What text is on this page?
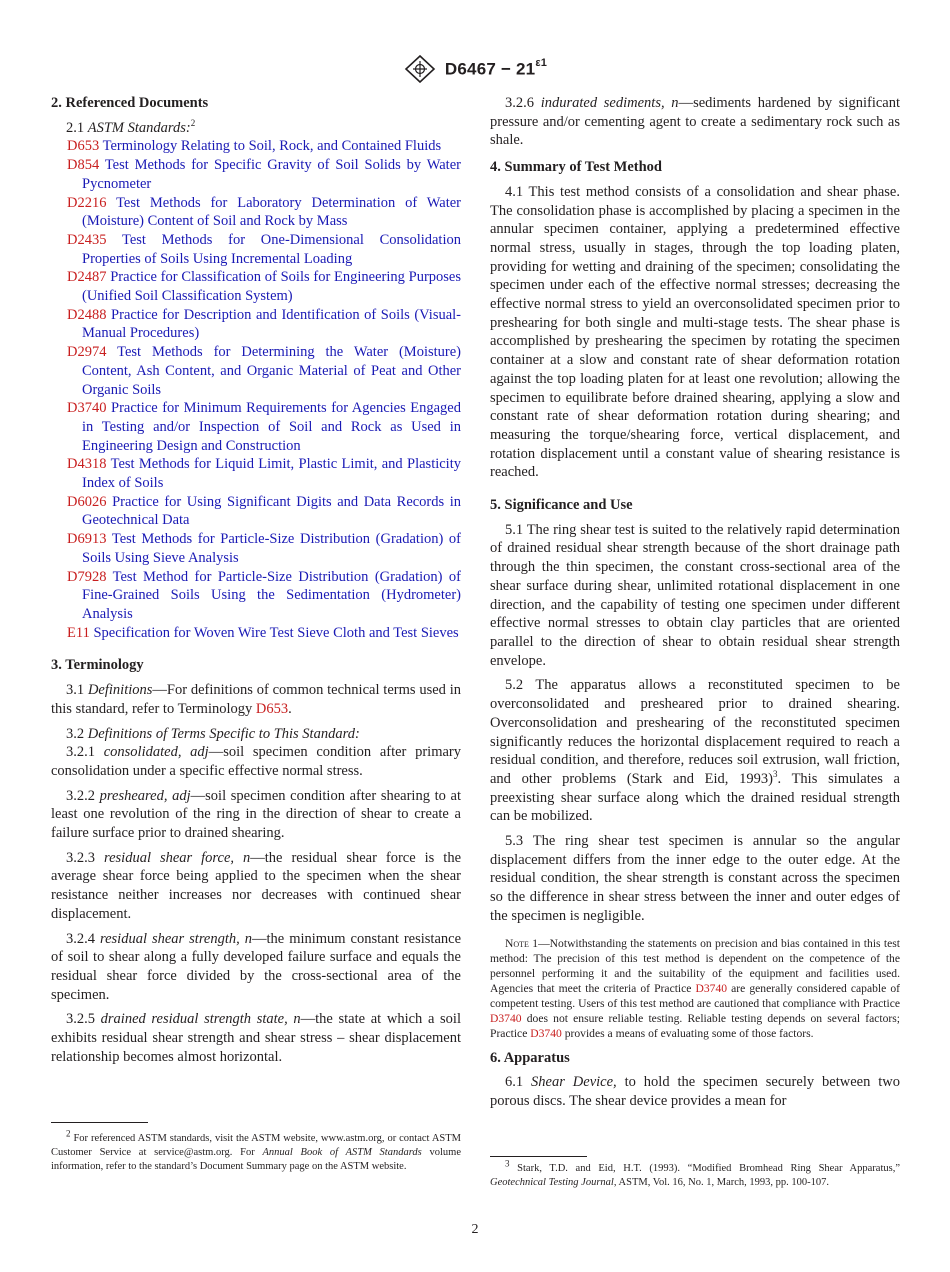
$D6467 - 21^{\varepsilon 1}$
2. Referenced Documents

2.1 ASTM Standards:$^2$

D653 Terminology Relating to Soil, Rock, and Contained Fluids
D854 Test Methods for Specific Gravity of Soil Solids by Water Pycnometer
D2216 Test Methods for Laboratory Determination of Water (Moisture) Content of Soil and Rock by Mass
D2435 Test Methods for One-Dimensional Consolidation Properties of Soils Using Incremental Loading
D2487 Practice for Classification of Soils for Engineering Purposes (Unified Soil Classification System)
D2488 Practice for Description and Identification of Soils (Visual-Manual Procedures)
D2974 Test Methods for Determining the Water (Moisture) Content, Ash Content, and Organic Material of Peat and Other Organic Soils
D3740 Practice for Minimum Requirements for Agencies Engaged in Testing and/or Inspection of Soil and Rock as Used in Engineering Design and Construction
D4318 Test Methods for Liquid Limit, Plastic Limit, and Plasticity Index of Soils
D6026 Practice for Using Significant Digits and Data Records in Geotechnical Data
D6913 Test Methods for Particle-Size Distribution (Gradation) of Soils Using Sieve Analysis
D7928 Test Method for Particle-Size Distribution (Gradation) of Fine-Grained Soils Using the Sedimentation (Hydrometer) Analysis
E11 Specification for Woven Wire Test Sieve Cloth and Test Sieves
3. Terminology

3.1 Definitions—For definitions of common technical terms used in this standard, refer to Terminology D653.

3.2 Definitions of Terms Specific to This Standard:

3.2.1 consolidated, adj—soil specimen condition after primary consolidation under a specific effective normal stress.

3.2.2 presheared, adj—soil specimen condition after shearing to at least one revolution of the ring in the direction of shear to create a failure surface prior to drained shearing.

3.2.3 residual shear force, n—the residual shear force is the average shear force being applied to the specimen when the shear resistance neither increases nor decreases with continued shear displacement.

3.2.4 residual shear strength, n—the minimum constant resistance of soil to shear along a fully developed failure surface and equals the residual shear force divided by the cross-sectional area of the specimen.

3.2.5 drained residual strength state, n—the state at which a soil exhibits residual shear strength and shear stress – shear displacement relationship becomes almost horizontal.

$^2$ For referenced ASTM standards, visit the ASTM website, www.astm.org, or contact ASTM Customer Service at service@astm.org. For Annual Book of ASTM Standards volume information, refer to the standard’s Document Summary page on the ASTM website.

3.2.6 indurated sediments, n—sediments hardened by significant pressure and/or cementing agent to create a sedimentary rock such as shale.

4. Summary of Test Method

4.1 This test method consists of a consolidation and shear phase. The consolidation phase is accomplished by placing a specimen in the annular specimen container, applying a predetermined effective normal stress, usually in stages, through the top loading platen, providing for wetting and draining of the specimen; consolidating the specimen under each of the effective normal stresses; decreasing the effective normal stress to yield an overconsolidated specimen prior to preshearing for both single and multi-stage tests. The shear phase is accomplished by preshearing the specimen by rotating the specimen container at a slow and constant rate of shear deformation rotation against the top loading platen for at least one revolution; allowing the specimen to equilibrate before drained shearing, applying a slow and constant rate of shear deformation rotation during shearing; and measuring the torque/shearing force, vertical displacement, and rotation displacement until a constant value of shearing resistance is reached.

5. Significance and Use

5.1 The ring shear test is suited to the relatively rapid determination of drained residual shear strength because of the short drainage path through the thin specimen, the constant cross-sectional area of the shear surface during shear, unlimited rotational displacement in one direction, and the capability of testing one specimen under different effective normal stresses to obtain clay particles that are oriented parallel to the direction of shear to obtain residual shear strength envelope.

5.2 The apparatus allows a reconstituted specimen to be overconsolidated and presheared prior to drained shearing. Overconsolidation and preshearing of the reconstituted specimen significantly reduces the horizontal displacement required to reach a residual condition, and therefore, reduces soil extrusion, wall friction, and other problems (Stark and Eid, 1993)$^3$. This simulates a preexisting shear surface along which the drained residual strength can be mobilized.

5.3 The ring shear test specimen is annular so the angular displacement differs from the inner edge to the outer edge. At the residual condition, the shear strength is constant across the specimen so the difference in shear stress between the inner and outer edges of the specimen is negligible.

Note 1—Notwithstanding the statements on precision and bias contained in this test method: The precision of this test method is dependent on the competence of the personnel performing it and the suitability of the equipment and facilities used. Agencies that meet the criteria of Practice D3740 are generally considered capable of competent testing. Users of this test method are cautioned that compliance with Practice D3740 does not ensure reliable testing. Reliable testing depends on several factors; Practice D3740 provides a means of evaluating some of those factors.
6. Apparatus

6.1 Shear Device, to hold the specimen securely between two porous discs. The shear device provides a mean for

$^3$ Stark, T.D. and Eid, H.T. (1993). “Modified Bromhead Ring Shear Apparatus,” Geotechnical Testing Journal, ASTM, Vol. 16, No. 1, March, 1993, pp. 100-107.
2
